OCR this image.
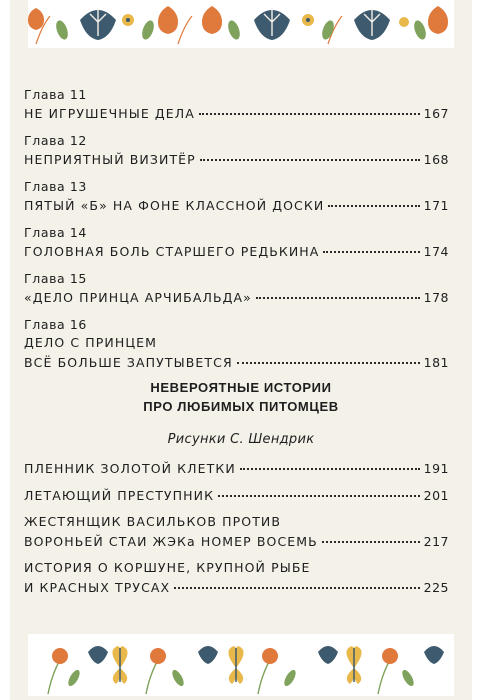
Глава 11
НЕ ИГРУШЕЧНЫЕ ДЕЛА	167
Глава 12
НЕПРИЯТНЫЙ ВИЗИТЁР	168
Глава 13
ПЯТЫЙ «Б» НА ФОНЕ КЛАССНОЙ ДОСКИ	171
Глава 14
ГОЛОВНАЯ БОЛЬ СТАРШЕГО РЕДЬКИНА	174
Глава 15
«ДЕЛО ПРИНЦА АРЧИБАЛЬДА»	178
Глава 16
ДЕЛО С ПРИНЦЕМ
ВСЁ БОЛЬШЕ ЗАПУТЫВЕТСЯ	181
НЕВЕРОЯТНЫЕ ИСТОРИИ
ПРО ЛЮБИМЫХ ПИТОМЦЕВ
Рисунки С. Шендрик
ПЛЕННИК ЗОЛОТОЙ КЛЕТКИ	191
ЛЕТАЮЩИЙ ПРЕСТУПНИК	201
ЖЕСТЯНЩИК ВАСИЛЬКОВ ПРОТИВ
ВОРОНЬЕЙ СТАИ ЖЭКа НОМЕР ВОСЕМЬ	217
ИСТОРИЯ О КОРШУНЕ, КРУПНОЙ РЫБЕ
И КРАСНЫХ ТРУСАХ	225
